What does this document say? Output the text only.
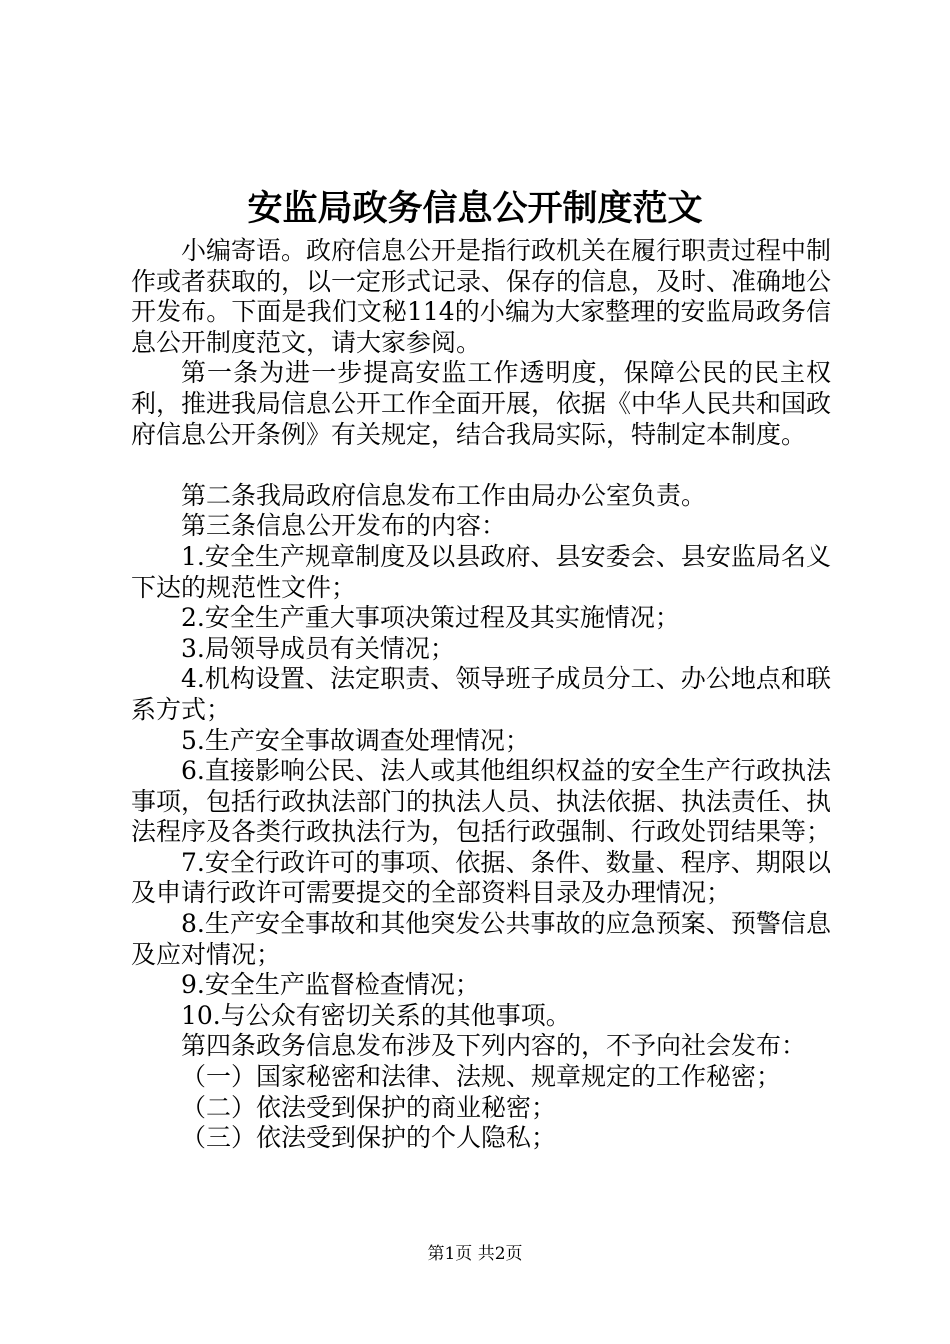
安监局政务信息公开制度范文

小编寄语。政府信息公开是指行政机关在履行职责过程中制作或者获取的，以一定形式记录、保存的信息，及时、准确地公开发布。下面是我们文秘114的小编为大家整理的安监局政务信息公开制度范文，请大家参阅。

第一条为进一步提高安监工作透明度，保障公民的民主权利，推进我局信息公开工作全面开展，依据《中华人民共和国政府信息公开条例》有关规定，结合我局实际，特制定本制度。

第二条我局政府信息发布工作由局办公室负责。

第三条信息公开发布的内容：

1.安全生产规章制度及以县政府、县安委会、县安监局名义下达的规范性文件；

2.安全生产重大事项决策过程及其实施情况；

3.局领导成员有关情况；

4.机构设置、法定职责、领导班子成员分工、办公地点和联系方式；

5.生产安全事故调查处理情况；

6.直接影响公民、法人或其他组织权益的安全生产行政执法事项，包括行政执法部门的执法人员、执法依据、执法责任、执法程序及各类行政执法行为，包括行政强制、行政处罚结果等；

7.安全行政许可的事项、依据、条件、数量、程序、期限以及申请行政许可需要提交的全部资料目录及办理情况；

8.生产安全事故和其他突发公共事故的应急预案、预警信息及应对情况；

9.安全生产监督检查情况；

10.与公众有密切关系的其他事项。

第四条政务信息发布涉及下列内容的，不予向社会发布：

（一）国家秘密和法律、法规、规章规定的工作秘密；

（二）依法受到保护的商业秘密；

（三）依法受到保护的个人隐私；

第1页 共2页
